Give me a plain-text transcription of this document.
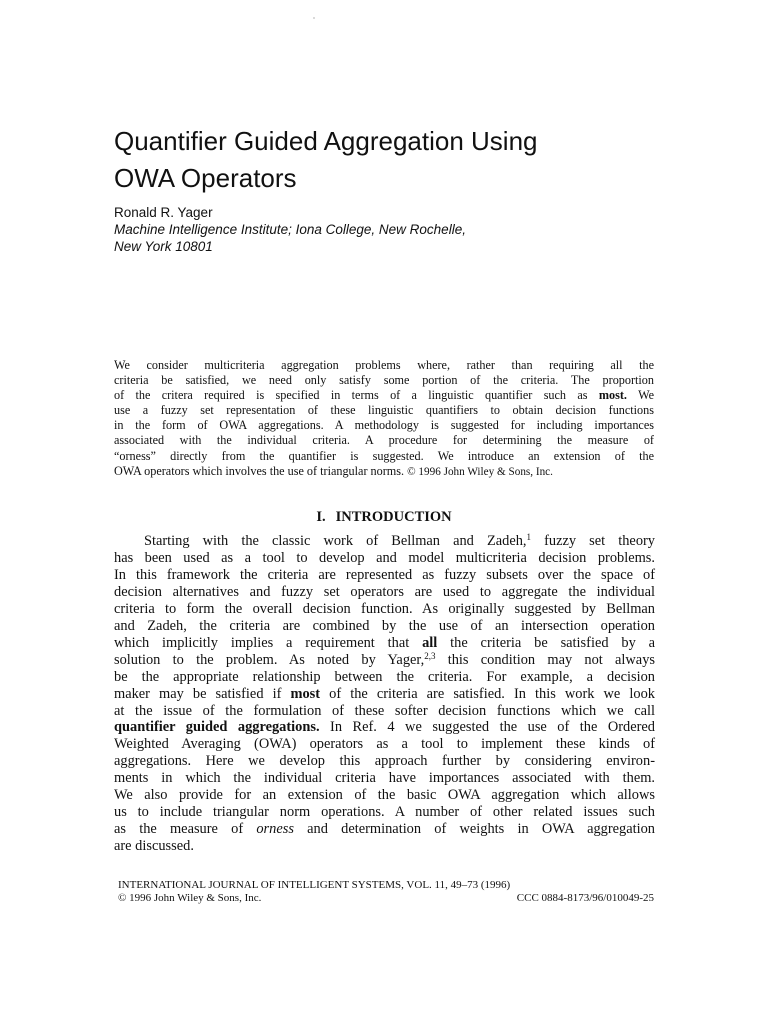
Quantifier Guided Aggregation Using
OWA Operators
Ronald R. Yager
Machine Intelligence Institute; Iona College, New Rochelle,
New York 10801
We consider multicriteria aggregation problems where, rather than requiring all the
criteria be satisfied, we need only satisfy some portion of the criteria. The proportion
of the critera required is specified in terms of a linguistic quantifier such as most. We
use a fuzzy set representation of these linguistic quantifiers to obtain decision functions
in the form of OWA aggregations. A methodology is suggested for including importances
associated with the individual criteria. A procedure for determining the measure of
“orness” directly from the quantifier is suggested. We introduce an extension of the
OWA operators which involves the use of triangular norms. © 1996 John Wiley & Sons, Inc.
I. INTRODUCTION
Starting with the classic work of Bellman and Zadeh,$^1$ fuzzy set theory
has been used as a tool to develop and model multicriteria decision problems.
In this framework the criteria are represented as fuzzy subsets over the space of
decision alternatives and fuzzy set operators are used to aggregate the individual
criteria to form the overall decision function. As originally suggested by Bellman
and Zadeh, the criteria are combined by the use of an intersection operation
which implicitly implies a requirement that all the criteria be satisfied by a
solution to the problem. As noted by Yager,$^{2,3}$ this condition may not always
be the appropriate relationship between the criteria. For example, a decision
maker may be satisfied if most of the criteria are satisfied. In this work we look
at the issue of the formulation of these softer decision functions which we call
quantifier guided aggregations. In Ref. 4 we suggested the use of the Ordered
Weighted Averaging (OWA) operators as a tool to implement these kinds of
aggregations. Here we develop this approach further by considering environ-
ments in which the individual criteria have importances associated with them.
We also provide for an extension of the basic OWA aggregation which allows
us to include triangular norm operations. A number of other related issues such
as the measure of orness and determination of weights in OWA aggregation
are discussed.
INTERNATIONAL JOURNAL OF INTELLIGENT SYSTEMS, VOL. 11, 49–73 (1996)
© 1996 John Wiley & Sons, Inc.	CCC 0884-8173/96/010049-25
